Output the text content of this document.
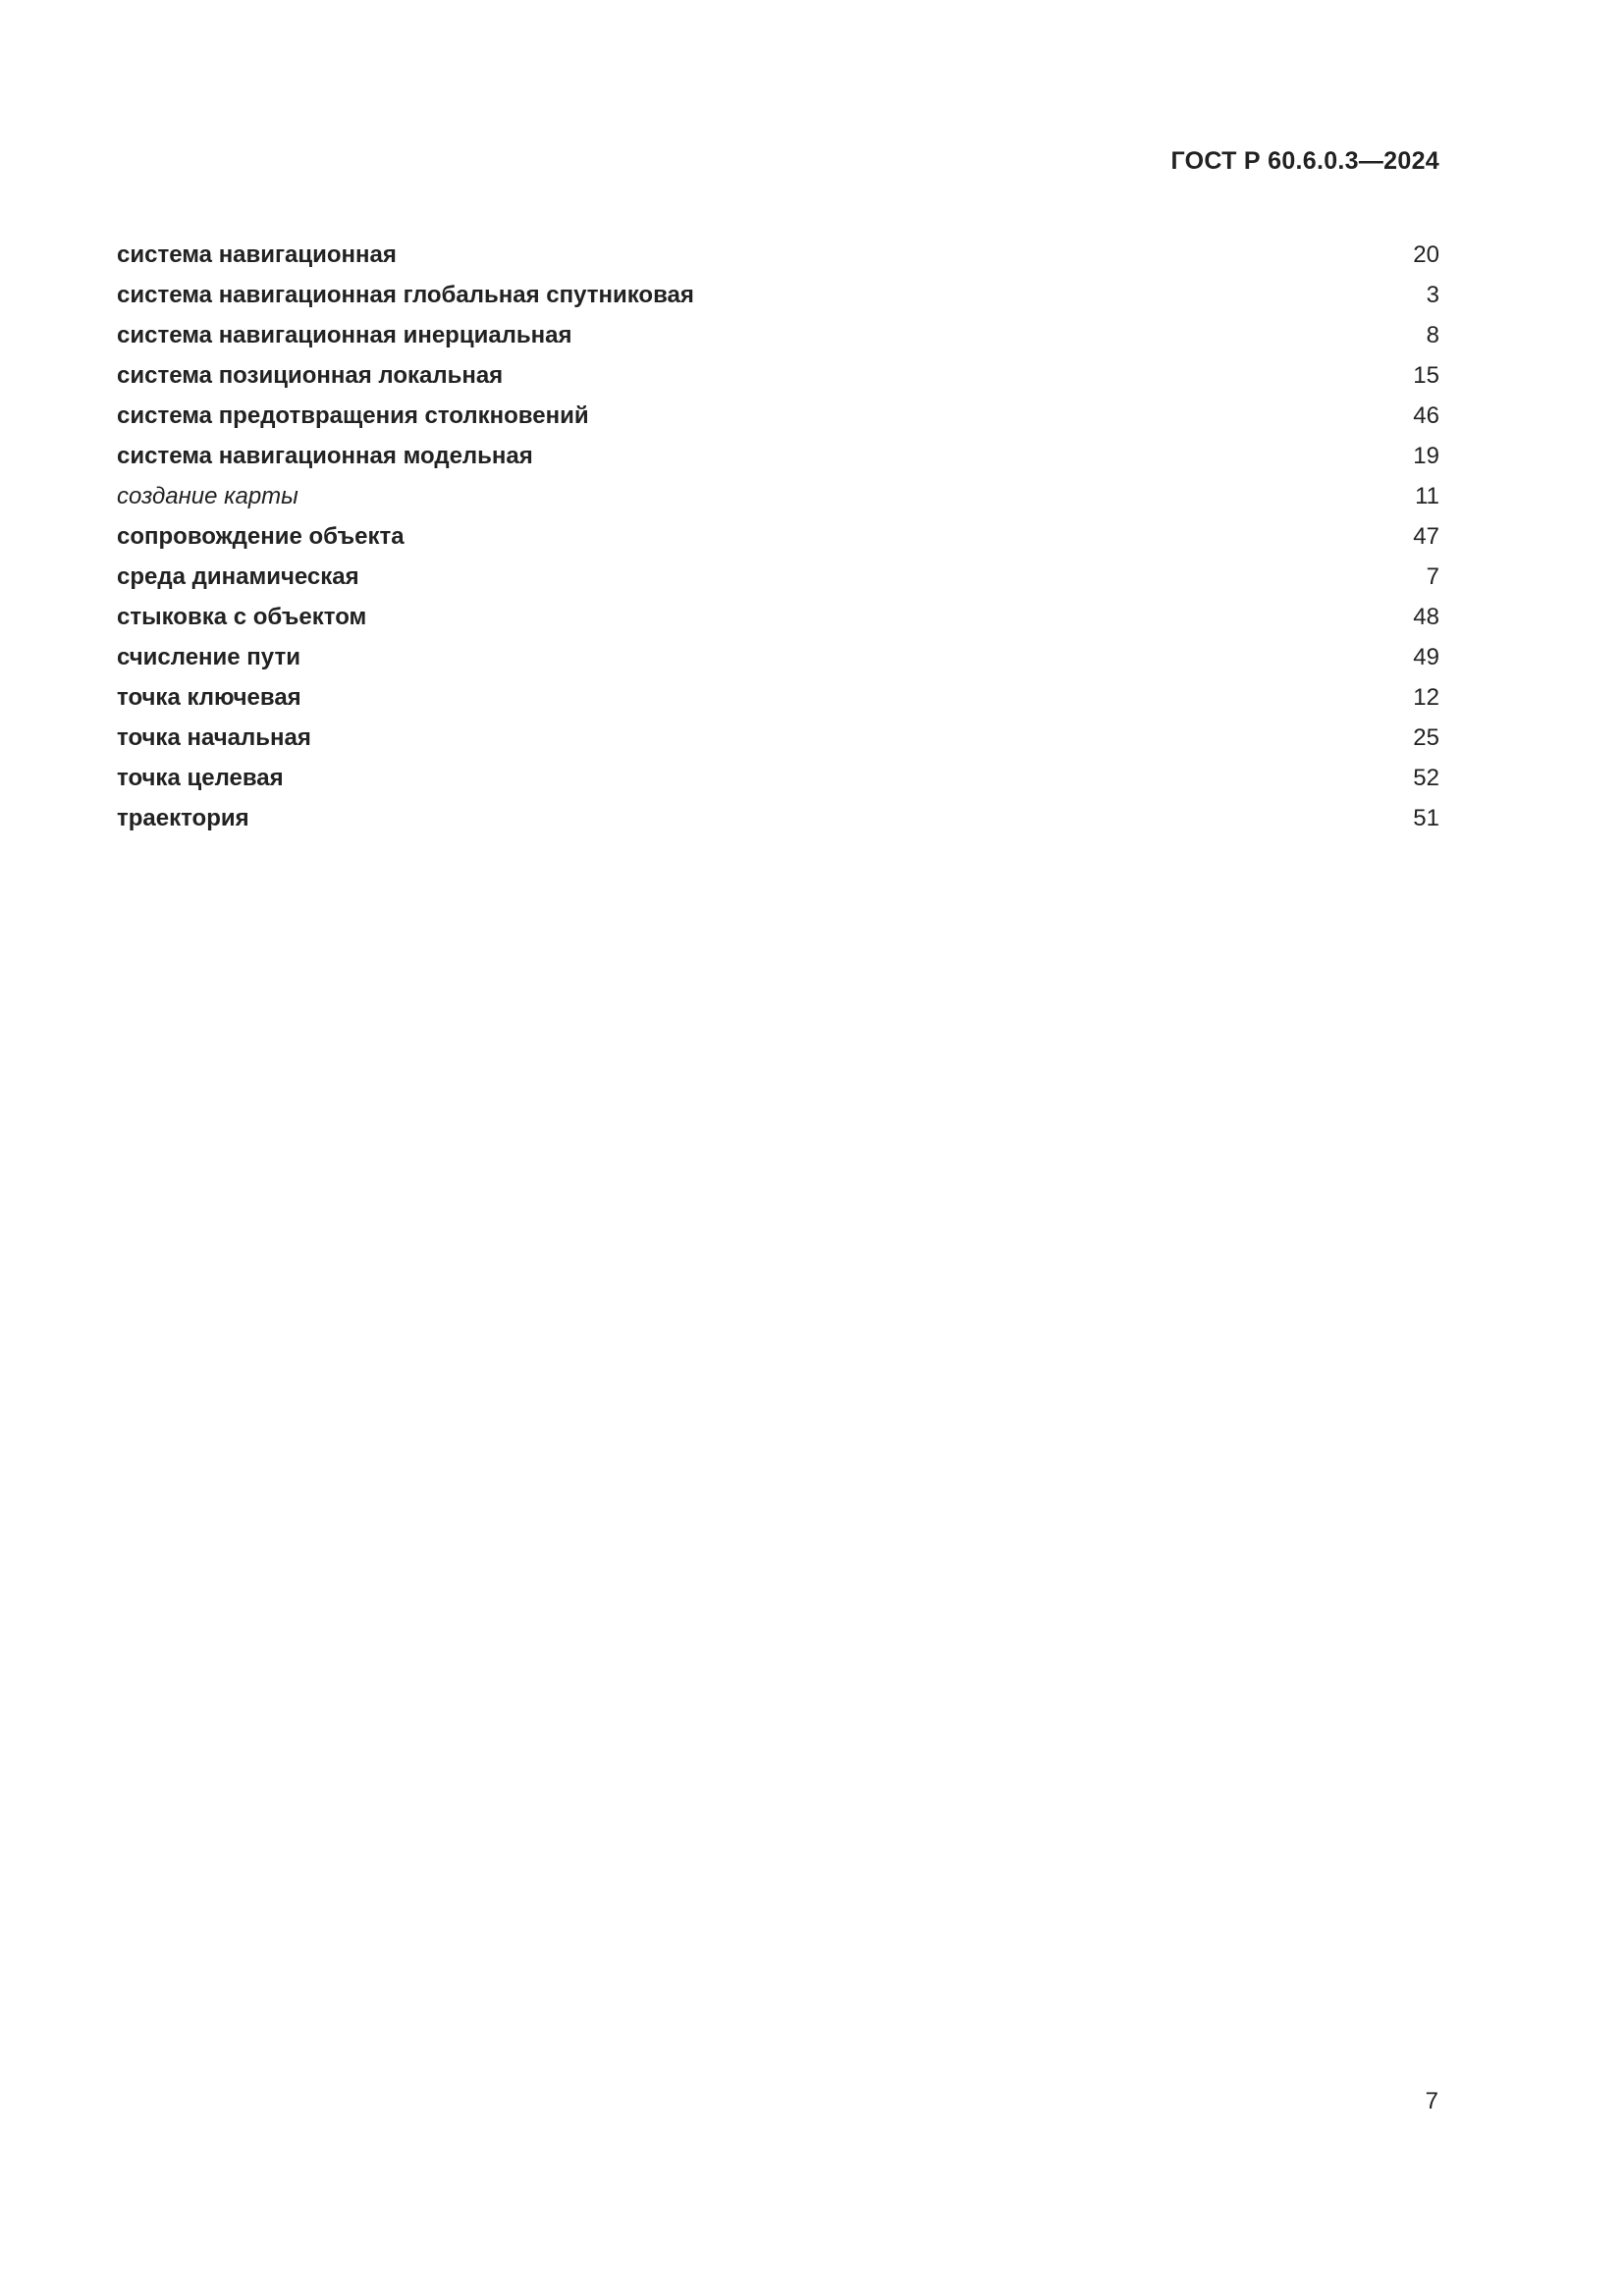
ГОСТ Р 60.6.0.3—2024
система навигационная	20
система навигационная глобальная спутниковая	3
система навигационная инерциальная	8
система позиционная локальная	15
система предотвращения столкновений	46
система навигационная модельная	19
создание карты	11
сопровождение объекта	47
среда динамическая	7
стыковка с объектом	48
счисление пути	49
точка ключевая	12
точка начальная	25
точка целевая	52
траектория	51
7
